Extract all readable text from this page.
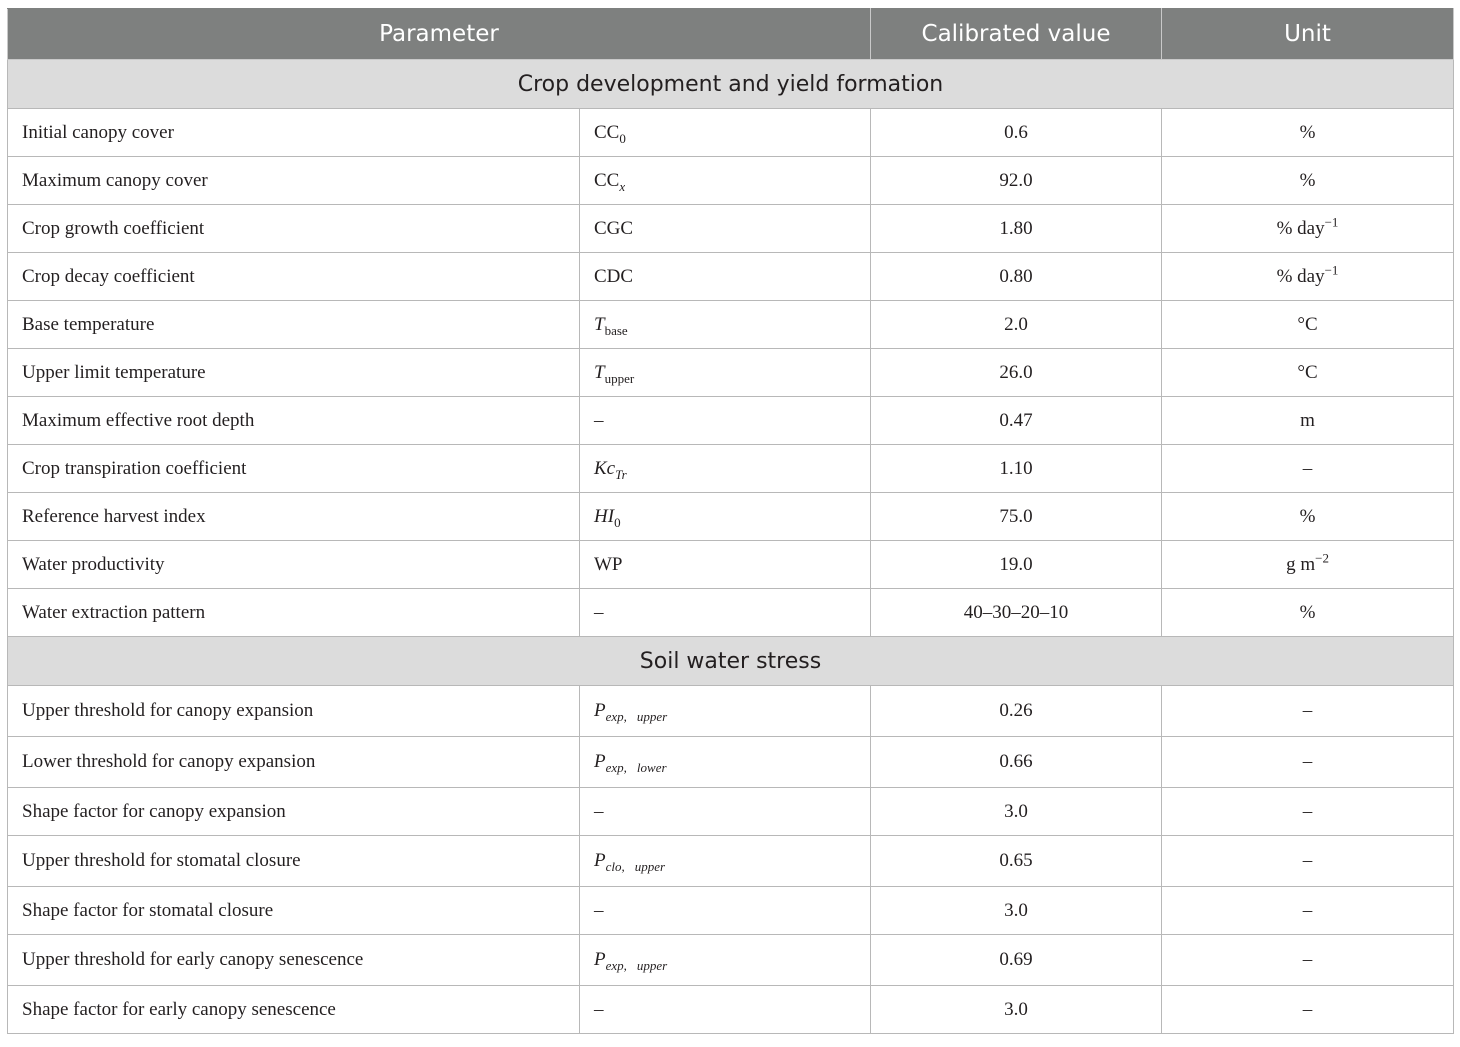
Parameter		Calibrated value	Unit
Crop development and yield formation			
Initial canopy cover	$CC_0$	0.6	%
Maximum canopy cover	$CC_x$	92.0	%
Crop growth coefficient	CGC	1.80	% day$^{-1}$
Crop decay coefficient	CDC	0.80	% day$^{-1}$
Base temperature	$T_{base}$	2.0	°C
Upper limit temperature	$T_{upper}$	26.0	°C
Maximum effective root depth	–	0.47	m
Crop transpiration coefficient	$Kc_{Tr}$	1.10	–
Reference harvest index	$HI_0$	75.0	%
Water productivity	WP	19.0	g $m^{-2}$
Water extraction pattern	–	40–30–20–10	%
Soil water stress			
Upper threshold for canopy expansion	$P_{exp,}$ $_{upper}$	0.26	–
Lower threshold for canopy expansion	$P_{exp,}$ $_{lower}$	0.66	–
Shape factor for canopy expansion	–	3.0	–
Upper threshold for stomatal closure	$P_{clo,}$ $_{upper}$	0.65	–
Shape factor for stomatal closure	–	3.0	–
Upper threshold for early canopy senescence	$P_{exp,}$ $_{upper}$	0.69	–
Shape factor for early canopy senescence	–	3.0	–
